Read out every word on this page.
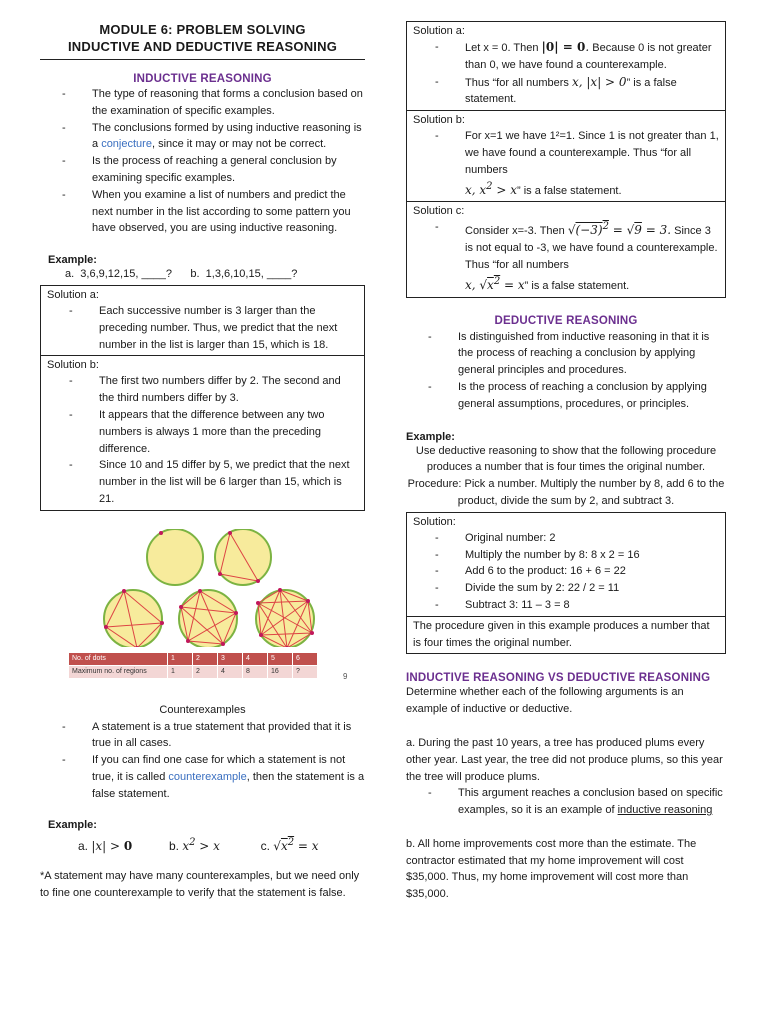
MODULE 6: PROBLEM SOLVING
INDUCTIVE AND DEDUCTIVE REASONING
INDUCTIVE REASONING
- The type of reasoning that forms a conclusion based on the examination of specific examples.
- The conclusions formed by using inductive reasoning is a conjecture, since it may or may not be correct.
- Is the process of reaching a general conclusion by examining specific examples.
- When you examine a list of numbers and predict the next number in the list according to some pattern you have observed, you are using inductive reasoning.
Example:
a.  3,6,9,12,15, ____?      b.  1,3,6,10,15, ____?
Solution a:
- Each successive number is 3 larger than the preceding number. Thus, we predict that the next number in the list is larger than 15, which is 18.
Solution b:
- The first two numbers differ by 2. The second and the third numbers differ by 3.
- It appears that the difference between any two numbers is always 1 more than the preceding difference.
- Since 10 and 15 differ by 5, we predict that the next number in the list will be 6 larger than 15, which is 21.
No. of dots	1	2	3	4	5	6
Maximum no. of regions	1	2	4	8	16	?	9
Counterexamples
- A statement is a true statement that provided that it is true in all cases.
- If you can find one case for which a statement is not true, it is called counterexample, then the statement is a false statement.
Example:
a. |x| > 0	b. $x^2 > x$	c. $√x^2 = x$
*A statement may have many counterexamples, but we need only to fine one counterexample to verify that the statement is false.
Solution a:
- Let x = 0. Then |0| = 0. Because 0 is not greater than 0, we have found a counterexample.
- Thus “for all numbers x, |x| > 0” is a false statement.
Solution b:
- For x=1 we have 1²=1. Since 1 is not greater than 1, we have found a counterexample. Thus “for all numbers
x, $x^2 > x$” is a false statement.
Solution c:
- Consider x=-3. Then $√(-3)^2 = √9 = 3$. Since 3 is not equal to -3, we have found a counterexample. Thus “for all numbers
x, $√x^2 = x$” is a false statement.
DEDUCTIVE REASONING
- Is distinguished from inductive reasoning in that it is the process of reaching a conclusion by applying general principles and procedures.
- Is the process of reaching a conclusion by applying general assumptions, procedures, or principles.
Example:
Use deductive reasoning to show that the following procedure produces a number that is four times the original number.
Procedure: Pick a number. Multiply the number by 8, add 6 to the product, divide the sum by 2, and subtract 3.
Solution:
- Original number: 2
- Multiply the number by 8: 8 x 2 = 16
- Add 6 to the product: 16 + 6 = 22
- Divide the sum by 2: 22 / 2 = 11
- Subtract 3: 11 – 3 = 8
The procedure given in this example produces a number that is four times the original number.
INDUCTIVE REASONING VS DEDUCTIVE REASONING
Determine whether each of the following arguments is an example of inductive or deductive.
a. During the past 10 years, a tree has produced plums every other year. Last year, the tree did not produce plums, so this year the tree will produce plums.
- This argument reaches a conclusion based on specific examples, so it is an example of inductive reasoning
b. All home improvements cost more than the estimate. The contractor estimated that my home improvement will cost $35,000. Thus, my home improvement will cost more than $35,000.
